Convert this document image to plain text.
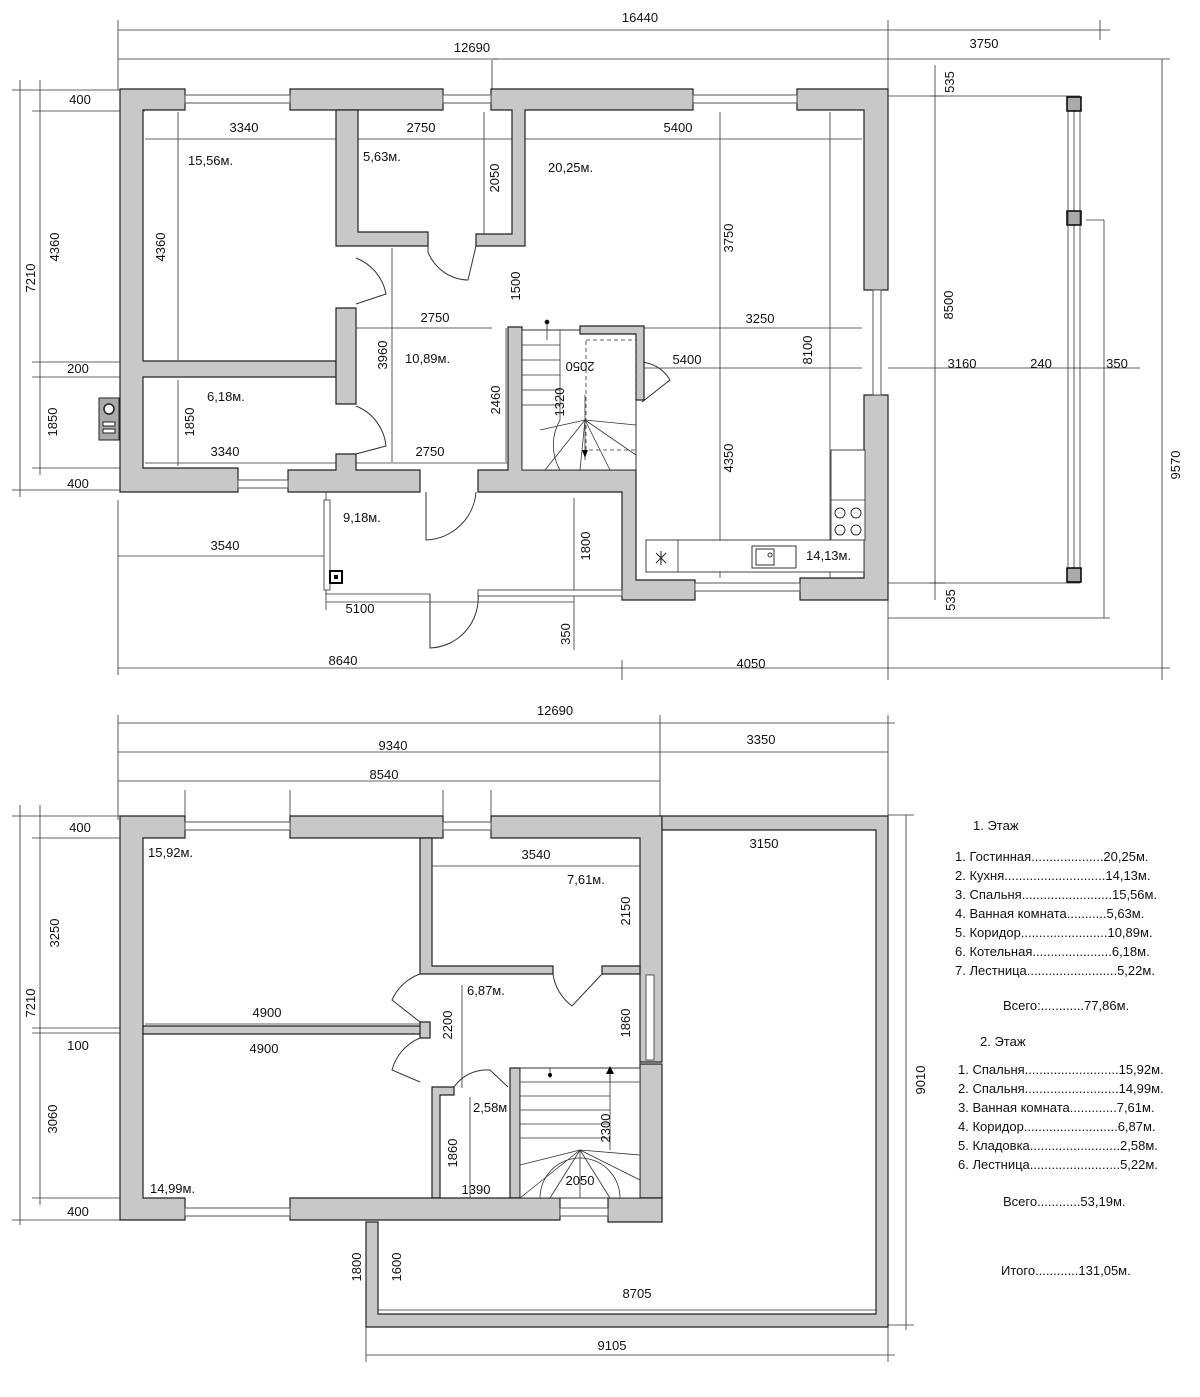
16440
12690	3750
400
400
3340	2750	5400
2050
4360	4360
7210	1500
2750
3750
3250
5400	8100
3960
2460
2050
1320
200
1850	1850
3340	2750	4350
8500
9570
3160	240	350
535
535
3540
5100
1800
350
8640	4050
15,56м.	5,63м.
20,25м.
10,89м.
6,18м.
9,18м.
14,13м.
12690
9340	3350
8540
400
400
3540
3150
7210
3250
100
3060
2150
2200	1860
4900
4900
1860
1390
2300
2050
9010
1800 1600
8705
9105
15,92м.
7,61м.
6,87м.
2,58м
14,99м.
1. Этаж
1. Гостинная....................20,25м.
2. Кухня............................14,13м.
3. Спальня.........................15,56м.
4. Ванная комната...........5,63м.
5. Коридор........................10,89м.
6. Котельная......................6,18м.
7. Лестница.........................5,22м.
Всего:............77,86м.
2. Этаж
1. Спальня..........................15,92м.
2. Спальня..........................14,99м.
3. Ванная комната.............7,61м.
4. Коридор..........................6,87м.
5. Кладовка.........................2,58м.
6. Лестница.........................5,22м.
Всего............53,19м.
Итого............131,05м.
